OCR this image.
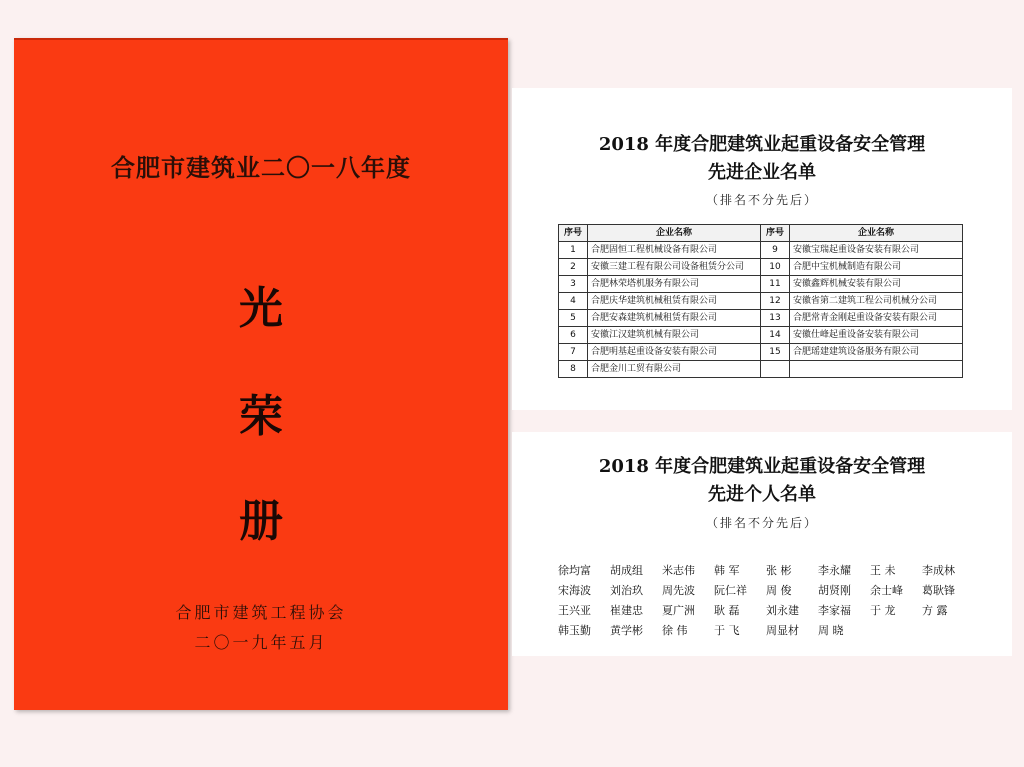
合肥市建筑业二〇一八年度
光
荣
册
合肥市建筑工程协会
二〇一九年五月
2018 年度合肥建筑业起重设备安全管理
先进企业名单
（排名不分先后）
序号	企业名称	序号	企业名称
1	合肥固恒工程机械设备有限公司	9	安徽宝瑞起重设备安装有限公司
2	安徽三建工程有限公司设备租赁分公司	10	合肥中宝机械制造有限公司
3	合肥林荣塔机服务有限公司	11	安徽鑫辉机械安装有限公司
4	合肥庆华建筑机械租赁有限公司	12	安徽省第二建筑工程公司机械分公司
5	合肥安森建筑机械租赁有限公司	13	合肥常青金刚起重设备安装有限公司
6	安徽江汉建筑机械有限公司	14	安徽仕峰起重设备安装有限公司
7	合肥明基起重设备安装有限公司	15	合肥瑶建建筑设备服务有限公司
8	合肥金川工贸有限公司		
2018 年度合肥建筑业起重设备安全管理
先进个人名单
（排名不分先后）
徐均富	胡成组	米志伟	韩 军	张 彬	李永耀	王 未	李成林
宋海波	刘治玖	周先波	阮仁祥	周 俊	胡贤刚	余士峰	葛耿锋
王兴亚	崔建忠	夏广洲	耿 磊	刘永建	李家福	于 龙	方 露
韩玉勤	黄学彬	徐 伟	于 飞	周显材	周 晓
